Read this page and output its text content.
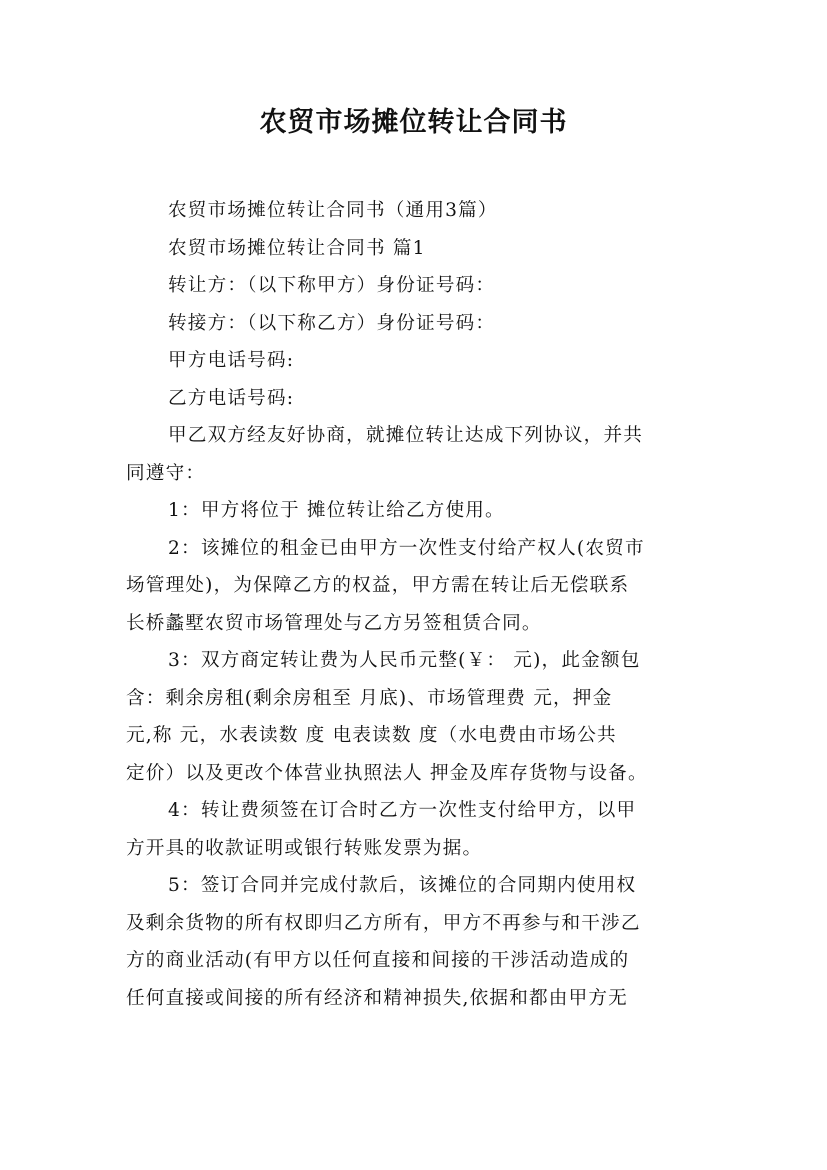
农贸市场摊位转让合同书
农贸市场摊位转让合同书（通用3篇）
农贸市场摊位转让合同书 篇1
转让方：（以下称甲方）身份证号码：
转接方：（以下称乙方）身份证号码：
甲方电话号码:
乙方电话号码:
甲乙双方经友好协商，就摊位转让达成下列协议，并共
同遵守：
1：甲方将位于 摊位转让给乙方使用。
2：该摊位的租金已由甲方一次性支付给产权人(农贸市
场管理处)，为保障乙方的权益，甲方需在转让后无偿联系
长桥蠡墅农贸市场管理处与乙方另签租赁合同。
3：双方商定转让费为人民币元整(￥： 元)，此金额包
含：剩余房租(剩余房租至 月底)、市场管理费 元，押金
元,称 元，水表读数 度 电表读数 度（水电费由市场公共
定价）以及更改个体营业执照法人 押金及库存货物与设备。
4：转让费须签在订合时乙方一次性支付给甲方，以甲
方开具的收款证明或银行转账发票为据。
5：签订合同并完成付款后，该摊位的合同期内使用权
及剩余货物的所有权即归乙方所有，甲方不再参与和干涉乙
方的商业活动(有甲方以任何直接和间接的干涉活动造成的
任何直接或间接的所有经济和精神损失,依据和都由甲方无
